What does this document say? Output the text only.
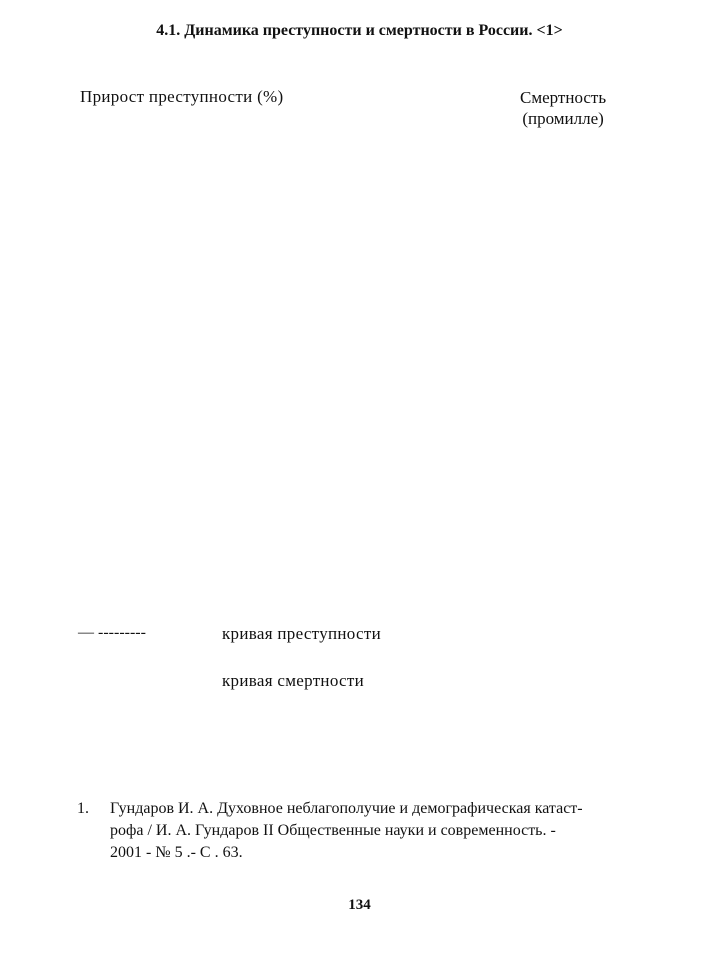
4.1. Динамика преступности и смертности в России. <1>
Прирост преступности (%)	Смертность
(промилле)
— ---------	кривая преступности
кривая смертности
1. Гундаров И. А. Духовное неблагополучие и демографическая катаст-
рофа / И. А. Гундаров II Общественные науки и современность. -
2001 - № 5 .- С . 63.
134
